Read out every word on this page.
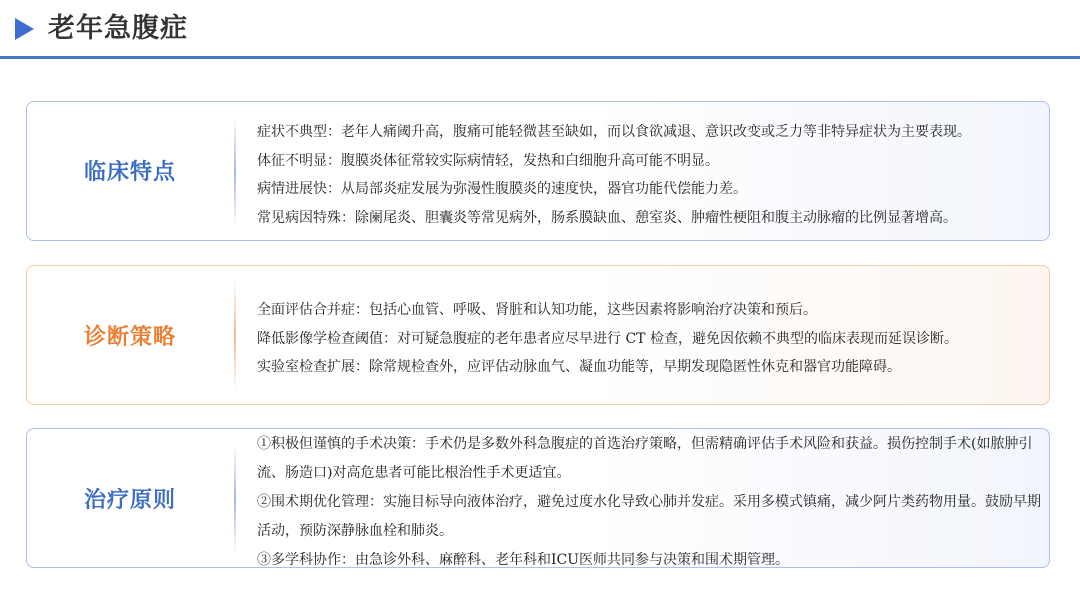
老年急腹症
临床特点

症状不典型：老年人痛阈升高，腹痛可能轻微甚至缺如，而以食欲减退、意识改变或乏力等非特异症状为主要表现。

体征不明显：腹膜炎体征常较实际病情轻，发热和白细胞升高可能不明显。

病情进展快：从局部炎症发展为弥漫性腹膜炎的速度快，器官功能代偿能力差。

常见病因特殊：除阑尾炎、胆囊炎等常见病外，肠系膜缺血、憩室炎、肿瘤性梗阻和腹主动脉瘤的比例显著增高。

诊断策略

全面评估合并症：包括心血管、呼吸、肾脏和认知功能，这些因素将影响治疗决策和预后。

降低影像学检查阈值：对可疑急腹症的老年患者应尽早进行 CT 检查，避免因依赖不典型的临床表现而延误诊断。

实验室检查扩展：除常规检查外，应评估动脉血气、凝血功能等，早期发现隐匿性休克和器官功能障碍。

治疗原则

①积极但谨慎的手术决策：手术仍是多数外科急腹症的首选治疗策略，但需精确评估手术风险和获益。损伤控制手术(如脓肿引流、肠造口)对高危患者可能比根治性手术更适宜。

②围术期优化管理：实施目标导向液体治疗，避免过度水化导致心肺并发症。采用多模式镇痛，减少阿片类药物用量。鼓励早期活动，预防深静脉血栓和肺炎。

③多学科协作：由急诊外科、麻醉科、老年科和ICU医师共同参与决策和围术期管理。
